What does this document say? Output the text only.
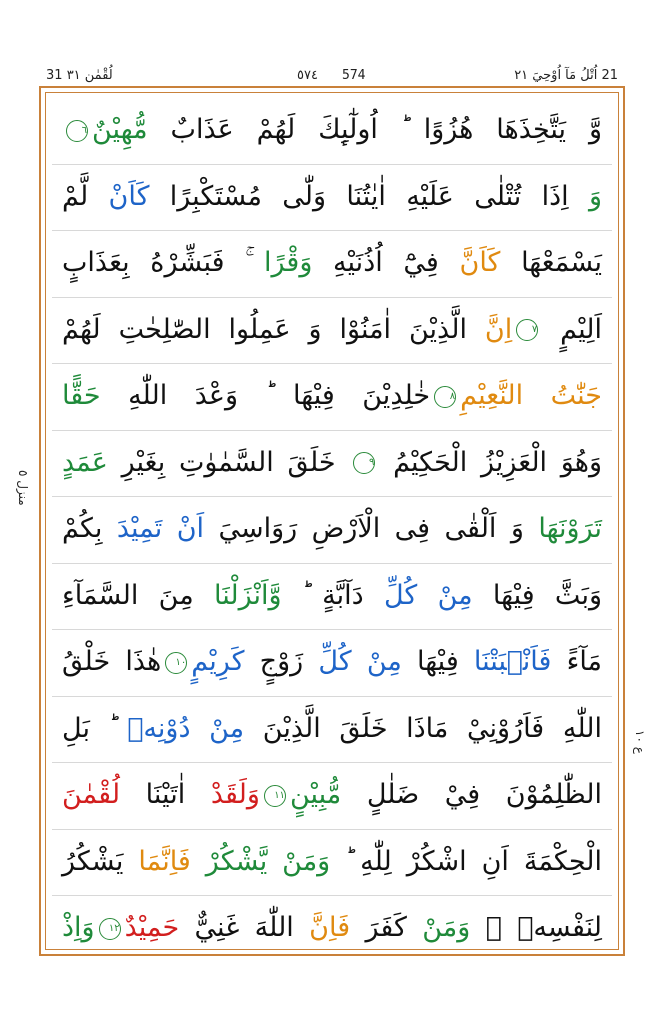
31 لُقْمٰن ٣١	٥٧٤ 574	21 اُتْلُ مَآ اُوْحِيَ ٢١
منزل ٥
ع ١٠
وَّ يَتَّخِذَهَا هُزُوًا ؕ اُولٰٓىِٕكَ لَهُمْ عَذَابٌ مُّهِيْنٌ٦
وَ اِذَا تُتْلٰى عَلَيْهِ اٰيٰتُنَا وَلّٰى مُسْتَكْبِرًا كَاَنْ لَّمْ
يَسْمَعْهَا كَاَنَّ فِيْٓ اُذُنَيْهِ وَقْرًا ۚ فَبَشِّرْهُ بِعَذَابٍ
اَلِيْمٍ ٧اِنَّ الَّذِيْنَ اٰمَنُوْا وَ عَمِلُوا الصّٰلِحٰتِ لَهُمْ
جَنّٰتُ النَّعِيْمِ٨خٰلِدِيْنَ فِيْهَا ؕ وَعْدَ اللّٰهِ حَقًّا
وَهُوَ الْعَزِيْزُ الْحَكِيْمُ ٩ خَلَقَ السَّمٰوٰتِ بِغَيْرِ عَمَدٍ
تَرَوْنَهَا وَ اَلْقٰى فِى الْاَرْضِ رَوَاسِيَ اَنْ تَمِيْدَ بِكُمْ
وَبَثَّ فِيْهَا مِنْ كُلِّ دَآبَّةٍ ؕ وَّاَنْزَلْنَا مِنَ السَّمَآءِ
مَآءً فَاَنْۢبَتْنَا فِيْهَا مِنْ كُلِّ زَوْجٍ كَرِيْمٍ١٠هٰذَا خَلْقُ
اللّٰهِ فَاَرُوْنِيْ مَاذَا خَلَقَ الَّذِيْنَ مِنْ دُوْنِهٖ ؕ بَلِ
الظّٰلِمُوْنَ فِيْ ضَلٰلٍ مُّبِيْنٍ١١وَلَقَدْ اٰتَيْنَا لُقْمٰنَ
الْحِكْمَةَ اَنِ اشْكُرْ لِلّٰهِ ؕ وَمَنْ يَّشْكُرْ فَاِنَّمَا يَشْكُرُ
لِنَفْسِهٖ ۚ وَمَنْ كَفَرَ فَاِنَّ اللّٰهَ غَنِيٌّ حَمِيْدٌ١٢وَاِذْ
